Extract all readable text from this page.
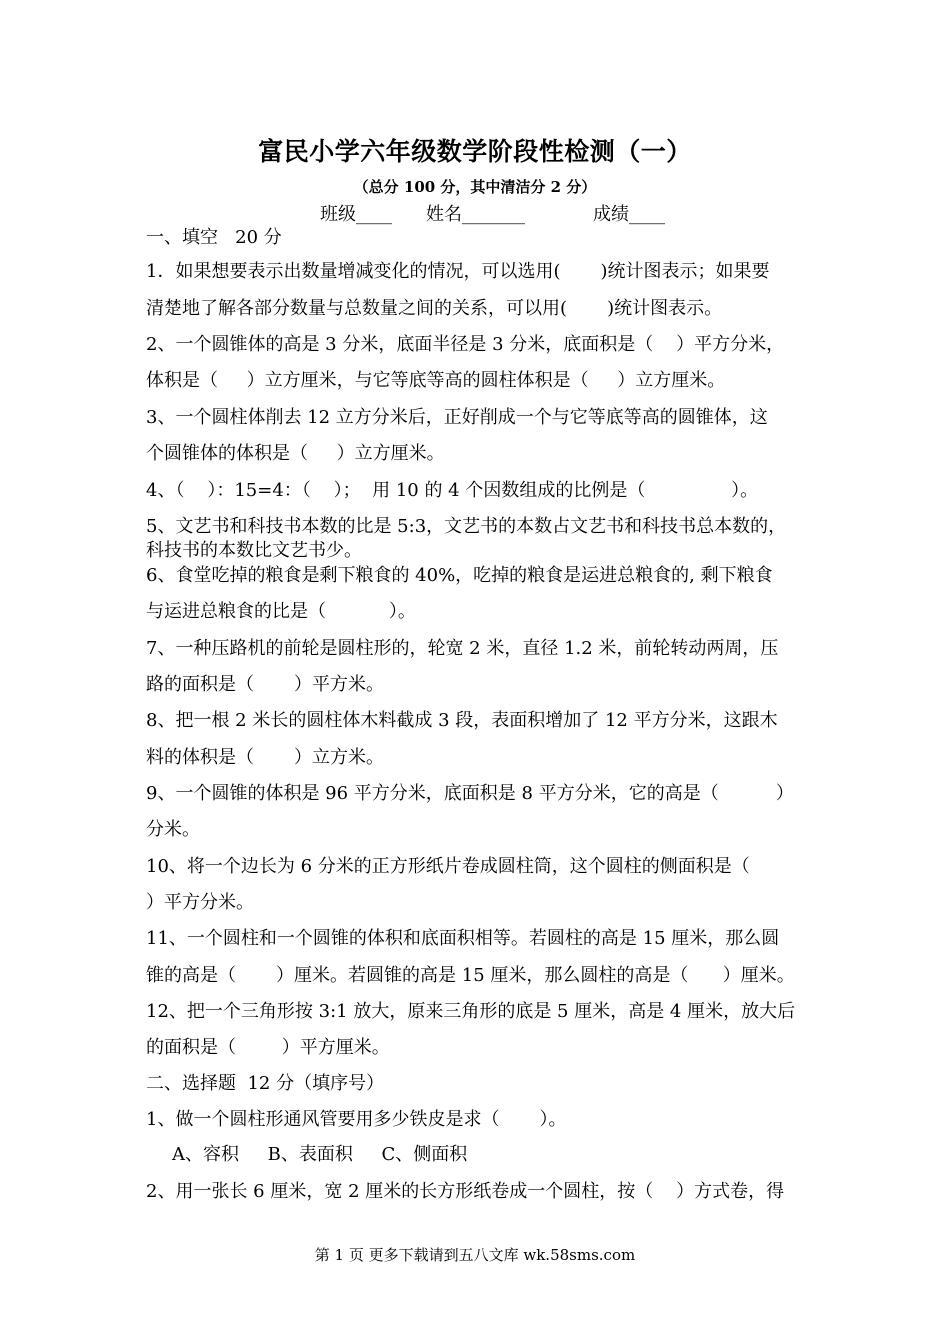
富民小学六年级数学阶段性检测（一）
（总分 100 分，其中清洁分 2 分）
班级____ 姓名_______	成绩____
一、填空   20 分
1．如果想要表示出数量增减变化的情况，可以选用(       )统计图表示；如果要
清楚地了解各部分数量与总数量之间的关系，可以用(       )统计图表示。
2、一个圆锥体的高是 3 分米，底面半径是 3 分米，底面积是（    ）平方分米，
体积是（     ）立方厘米，与它等底等高的圆柱体积是（     ）立方厘米。
3、一个圆柱体削去 12 立方分米后，正好削成一个与它等底等高的圆锥体，这
个圆锥体的体积是（     ）立方厘米。
4、（    ）：15=4：（    ）；  用 10 的 4 个因数组成的比例是（               ）。
5、文艺书和科技书本数的比是 5:3，文艺书的本数占文艺书和科技书总本数的，
科技书的本数比文艺书少。
6、食堂吃掉的粮食是剩下粮食的 40%，吃掉的粮食是运进总粮食的, 剩下粮食
与运进总粮食的比是（           ）。
7、一种压路机的前轮是圆柱形的，轮宽 2 米，直径 1.2 米，前轮转动两周，压
路的面积是（       ）平方米。
8、把一根 2 米长的圆柱体木料截成 3 段，表面积增加了 12 平方分米，这跟木
料的体积是（       ）立方米。
9、一个圆锥的体积是 96 平方分米，底面积是 8 平方分米，它的高是（          ）
分米。
10、将一个边长为 6 分米的正方形纸片卷成圆柱筒，这个圆柱的侧面积是（
）平方分米。
11、一个圆柱和一个圆锥的体积和底面积相等。若圆柱的高是 15 厘米，那么圆
锥的高是（       ）厘米。若圆锥的高是 15 厘米，那么圆柱的高是（      ）厘米。
12、把一个三角形按 3:1 放大，原来三角形的底是 5 厘米，高是 4 厘米，放大后
的面积是（        ）平方厘米。
二、选择题  12 分（填序号）
1、做一个圆柱形通风管要用多少铁皮是求（       ）。
A、容积     B、表面积     C、侧面积
2、用一张长 6 厘米，宽 2 厘米的长方形纸卷成一个圆柱，按（    ）方式卷，得
第 1 页 更多下载请到五八文库 wk.58sms.com
